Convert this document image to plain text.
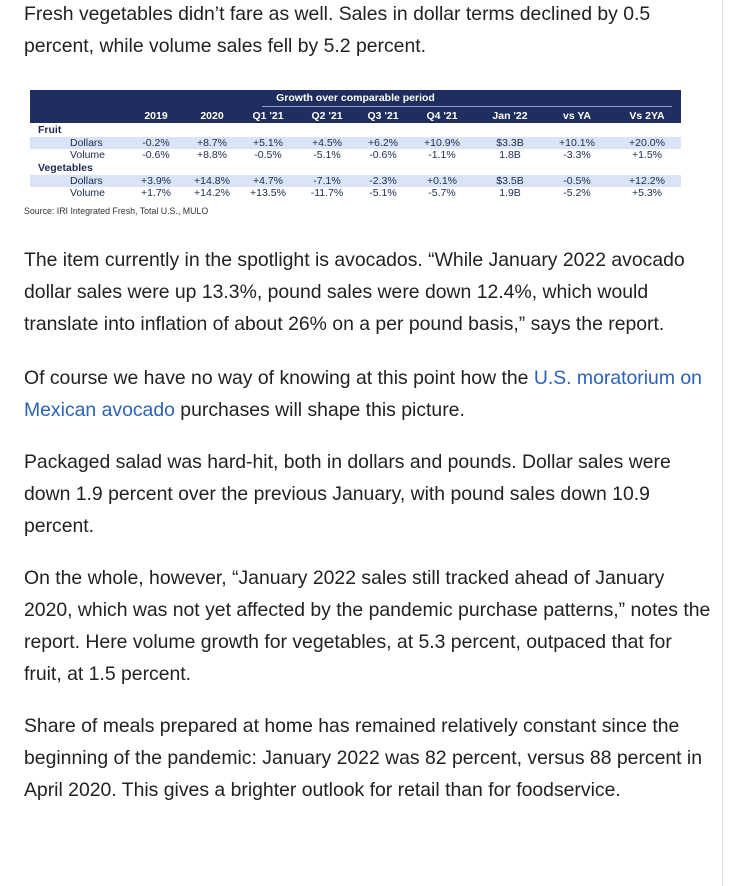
Fresh vegetables didn’t fare as well. Sales in dollar terms declined by 0.5 percent, while volume sales fell by 5.2 percent.

Growth over comparable period
2019	2020	Q1 '21	Q2 '21	Q3 '21	Q4 '21	Jan '22	vs YA	Vs 2YA
Fruit
Dollars	-0.2%	+8.7%	+5.1%	+4.5%	+6.2%	+10.9%	$3.3B	+10.1%	+20.0%
Volume	-0.6%	+8.8%	-0.5%	-5.1%	-0.6%	-1.1%	1.8B	-3.3%	+1.5%
Vegetables
Dollars	+3.9%	+14.8%	+4.7%	-7.1%	-2.3%	+0.1%	$3.5B	-0.5%	+12.2%
Volume	+1.7%	+14.2%	+13.5%	-11.7%	-5.1%	-5.7%	1.9B	-5.2%	+5.3%
Source: IRI Integrated Fresh, Total U.S., MULO

The item currently in the spotlight is avocados. “While January 2022 avocado dollar sales were up 13.3%, pound sales were down 12.4%, which would translate into inflation of about 26% on a per pound basis,” says the report.

Of course we have no way of knowing at this point how the U.S. moratorium on Mexican avocado purchases will shape this picture.

Packaged salad was hard-hit, both in dollars and pounds. Dollar sales were down 1.9 percent over the previous January, with pound sales down 10.9 percent.

On the whole, however, “January 2022 sales still tracked ahead of January 2020, which was not yet affected by the pandemic purchase patterns,” notes the report. Here volume growth for vegetables, at 5.3 percent, outpaced that for fruit, at 1.5 percent.

Share of meals prepared at home has remained relatively constant since the beginning of the pandemic: January 2022 was 82 percent, versus 88 percent in April 2020. This gives a brighter outlook for retail than for foodservice.
